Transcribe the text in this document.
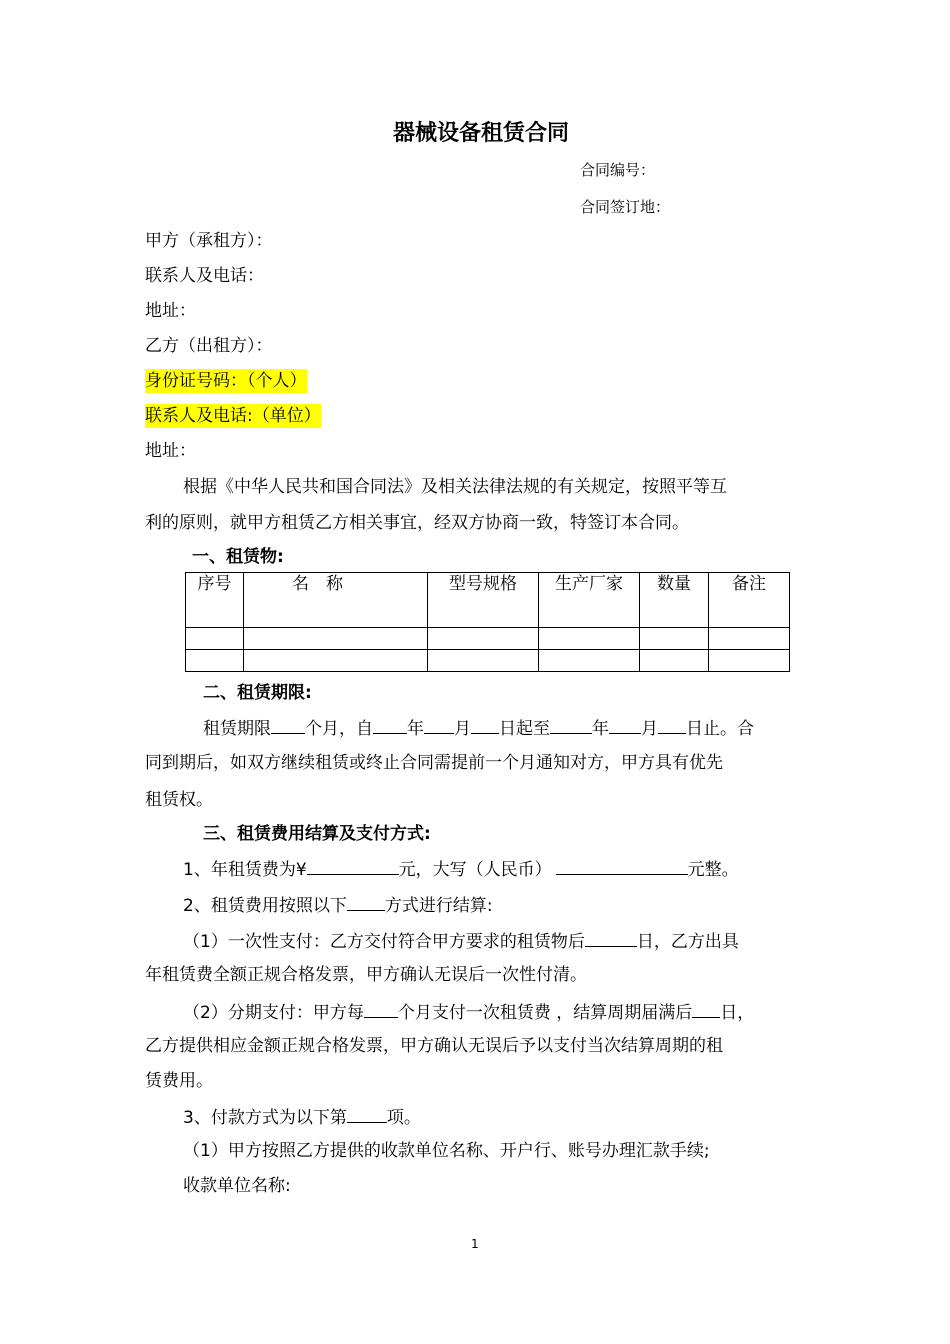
器械设备租赁合同
合同编号：
合同签订地：
甲方（承租方）：
联系人及电话：
地址：
乙方（出租方）：
身份证号码：（个人）
联系人及电话:（单位）
地址：
根据《中华人民共和国合同法》及相关法律法规的有关规定，按照平等互
利的原则，就甲方租赁乙方相关事宜，经双方协商一致，特签订本合同。
一、租赁物:
序号	名　称	型号规格	生产厂家	数量	备注

二、租赁期限:
租赁期限 个月，自 年 月 日起至 年 月 日止。合
同到期后，如双方继续租赁或终止合同需提前一个月通知对方，甲方具有优先
租赁权。
三、租赁费用结算及支付方式:
1、年租赁费为¥	元，大写（人民币）	元整。
2、租赁费用按照以下 方式进行结算:
（1）一次性支付：乙方交付符合甲方要求的租赁物后	日，乙方出具
年租赁费全额正规合格发票，甲方确认无误后一次性付清。
（2）分期支付：甲方每 个月支付一次租赁费 ，结算周期届满后 日，
乙方提供相应金额正规合格发票，甲方确认无误后予以支付当次结算周期的租
赁费用。
3、付款方式为以下第 项。
（1）甲方按照乙方提供的收款单位名称、开户行、账号办理汇款手续;
收款单位名称:
1
